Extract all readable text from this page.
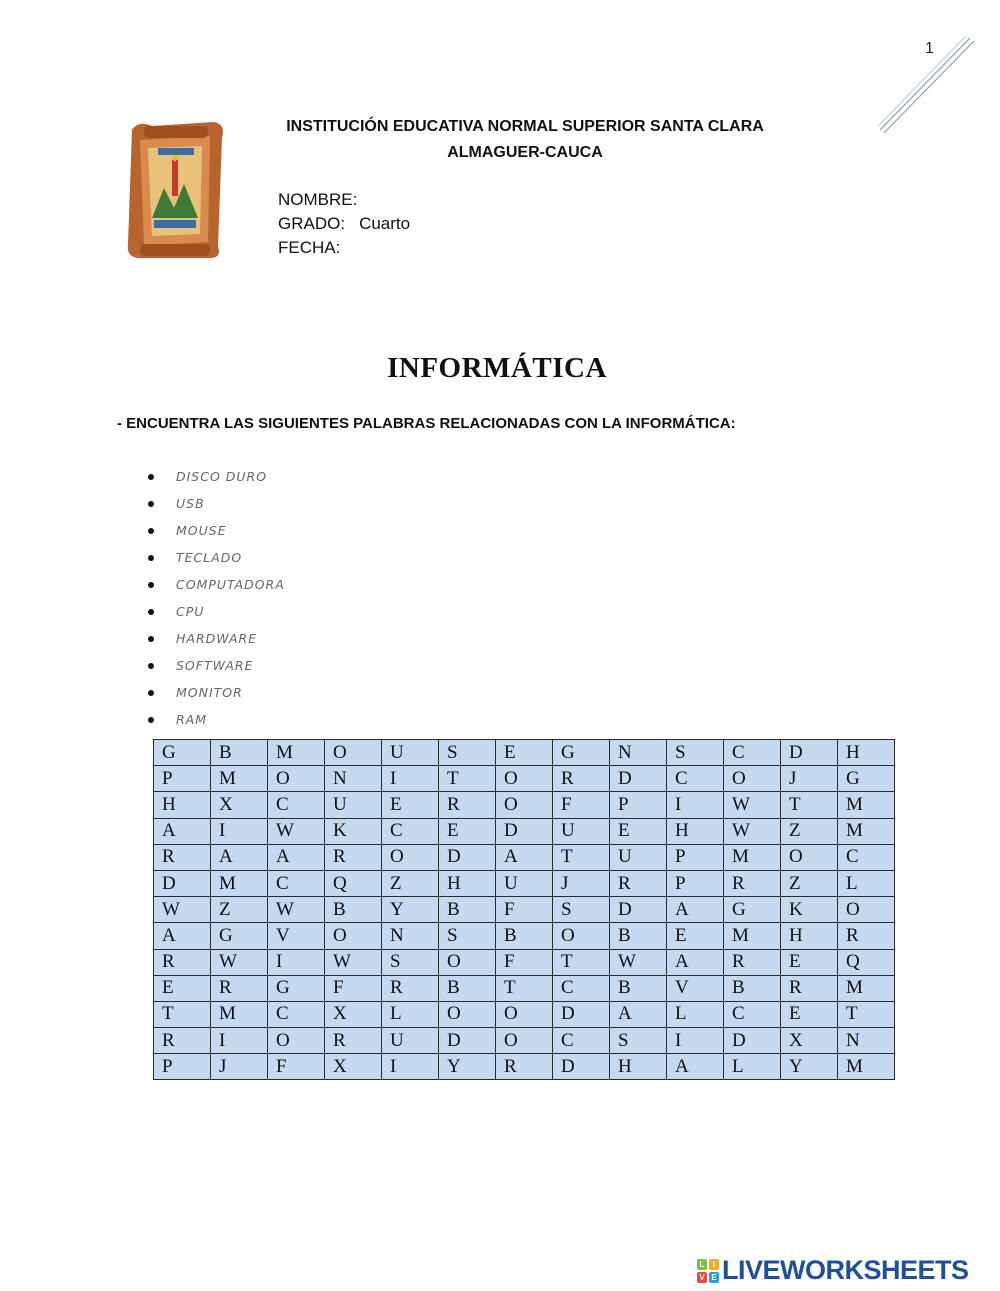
1
INSTITUCIÓN EDUCATIVA NORMAL SUPERIOR SANTA CLARA
ALMAGUER-CAUCA
NOMBRE:
GRADO: Cuarto
FECHA:
INFORMÁTICA
- ENCUENTRA LAS SIGUIENTES PALABRAS RELACIONADAS CON LA INFORMÁTICA:
DISCO DURO
USB
MOUSE
TECLADO
COMPUTADORA
CPU
HARDWARE
SOFTWARE
MONITOR
RAM
G	B	M	O	U	S	E	G	N	S	C	D	H
P	M	O	N	I	T	O	R	D	C	O	J	G
H	X	C	U	E	R	O	F	P	I	W	T	M
A	I	W	K	C	E	D	U	E	H	W	Z	M
R	A	A	R	O	D	A	T	U	P	M	O	C
D	M	C	Q	Z	H	U	J	R	P	R	Z	L
W	Z	W	B	Y	B	F	S	D	A	G	K	O
A	G	V	O	N	S	B	O	B	E	M	H	R
R	W	I	W	S	O	F	T	W	A	R	E	Q
E	R	G	F	R	B	T	C	B	V	B	R	M
T	M	C	X	L	O	O	D	A	L	C	E	T
R	I	O	R	U	D	O	C	S	I	D	X	N
P	J	F	X	I	Y	R	D	H	A	L	Y	M
L	I
V E LIVEWORKSHEETS
